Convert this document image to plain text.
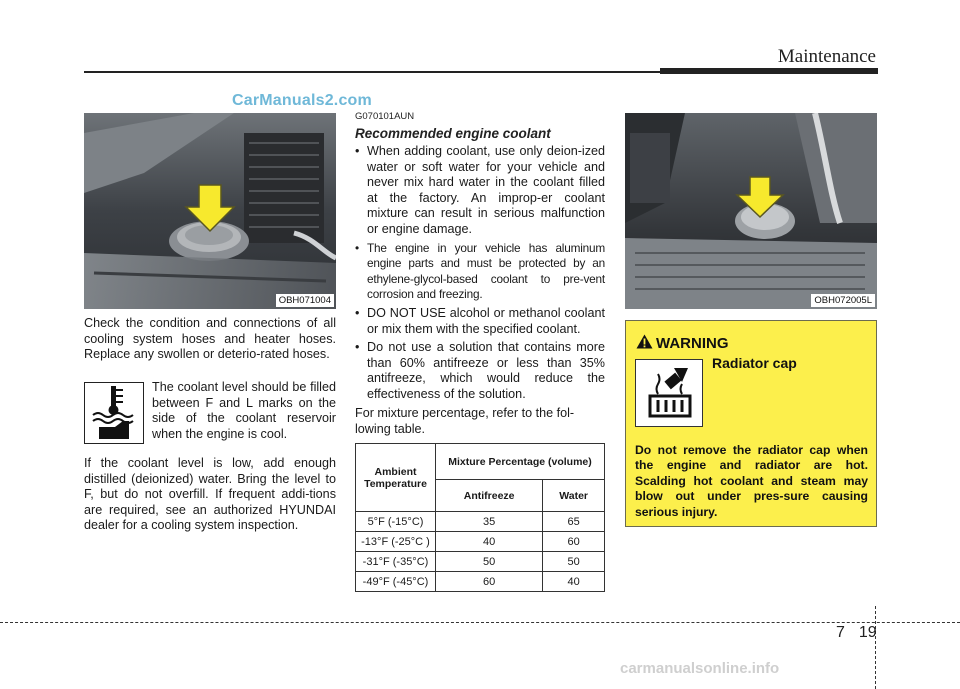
Maintenance
CarManuals2.com
OBH071004
Check the condition and connections of all cooling system hoses and heater hoses. Replace any swollen or deterio-rated hoses.
The coolant level should be filled between F and L marks on the side of the coolant reservoir when the engine is cool.
If the coolant level is low, add enough distilled (deionized) water. Bring the level to F, but do not overfill. If frequent addi-tions are required, see an authorized HYUNDAI dealer for a cooling system inspection.
G070101AUN
Recommended engine coolant
• When adding coolant, use only deion-ized water or soft water for your vehicle and never mix hard water in the coolant filled at the factory. An improp-er coolant mixture can result in serious malfunction or engine damage.
• The engine in your vehicle has aluminum engine parts and must be protected by an ethylene-glycol-based coolant to pre-vent corrosion and freezing.
• DO NOT USE alcohol or methanol coolant or mix them with the specified coolant.
• Do not use a solution that contains more than 60% antifreeze or less than 35% antifreeze, which would reduce the effectiveness of the solution.
For mixture percentage, refer to the fol-lowing table.
Ambient Temperature	Mixture Percentage (volume)	
	Antifreeze	Water
5°F (-15°C)	35	65
-13°F (-25°C )	40	60
-31°F (-35°C)	50	50
-49°F (-45°C)	60	40
OBH072005L
WARNING
Radiator cap
Do not remove the radiator cap when the engine and radiator are hot. Scalding hot coolant and steam may blow out under pres-sure causing serious injury.
7 19
carmanualsonline.info
